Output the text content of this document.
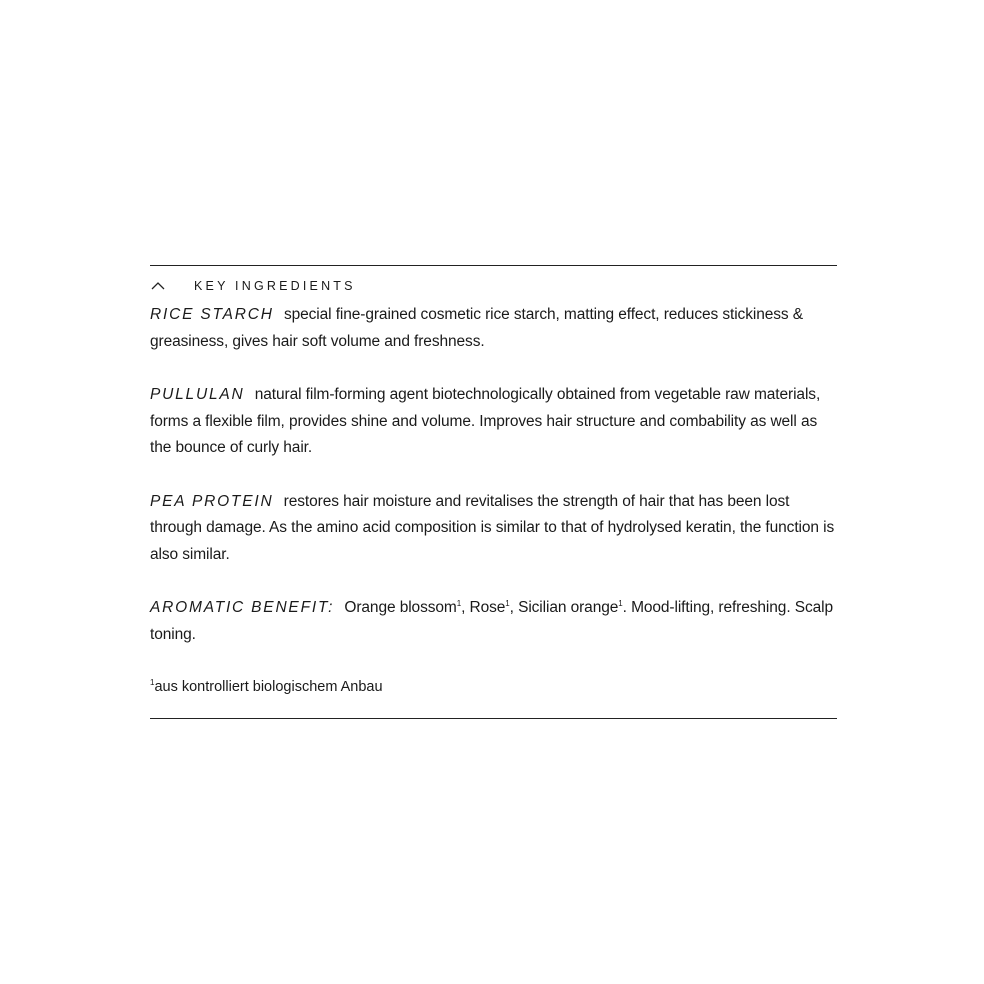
KEY INGREDIENTS

RICE STARCH special fine-grained cosmetic rice starch, matting effect, reduces stickiness & greasiness, gives hair soft volume and freshness.

PULLULAN natural film-forming agent biotechnologically obtained from vegetable raw materials, forms a flexible film, provides shine and volume. Improves hair structure and combability as well as the bounce of curly hair.

PEA PROTEIN restores hair moisture and revitalises the strength of hair that has been lost through damage. As the amino acid composition is similar to that of hydrolysed keratin, the function is also similar.

AROMATIC BENEFIT: Orange blossom$^1$, Rose$^1$, Sicilian orange$^1$. Mood-lifting, refreshing. Scalp toning.

$^1$aus kontrolliert biologischem Anbau
